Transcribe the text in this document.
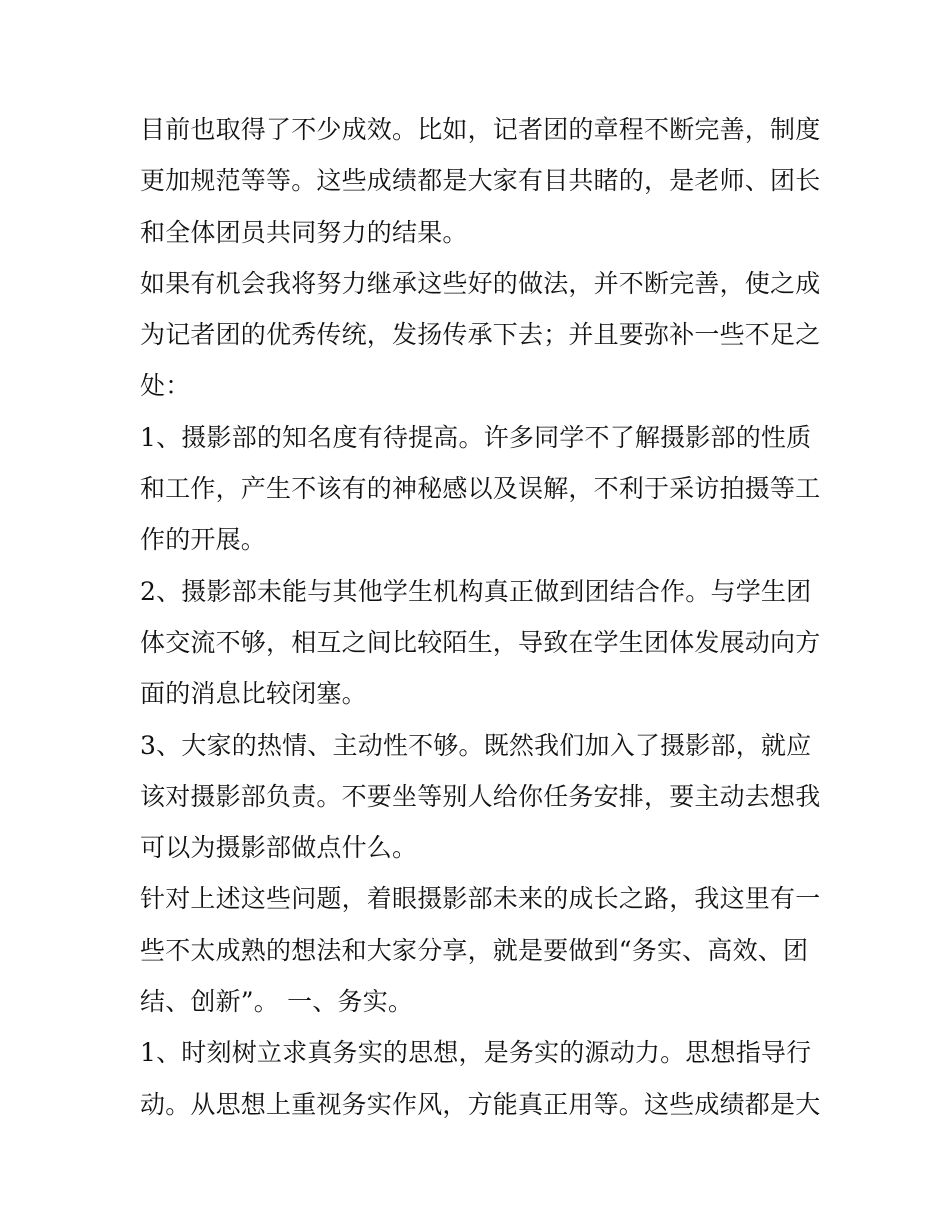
目前也取得了不少成效。比如，记者团的章程不断完善，制度
更加规范等等。这些成绩都是大家有目共睹的，是老师、团长
和全体团员共同努力的结果。

如果有机会我将努力继承这些好的做法，并不断完善，使之成
为记者团的优秀传统，发扬传承下去；并且要弥补一些不足之
处：

1、摄影部的知名度有待提高。许多同学不了解摄影部的性质
和工作，产生不该有的神秘感以及误解，不利于采访拍摄等工
作的开展。

2、摄影部未能与其他学生机构真正做到团结合作。与学生团
体交流不够，相互之间比较陌生，导致在学生团体发展动向方
面的消息比较闭塞。

3、大家的热情、主动性不够。既然我们加入了摄影部，就应
该对摄影部负责。不要坐等别人给你任务安排，要主动去想我
可以为摄影部做点什么。

针对上述这些问题，着眼摄影部未来的成长之路，我这里有一
些不太成熟的想法和大家分享，就是要做到“务实、高效、团
结、创新”。 一、务实。

1、时刻树立求真务实的思想，是务实的源动力。思想指导行
动。从思想上重视务实作风，方能真正用等。这些成绩都是大
